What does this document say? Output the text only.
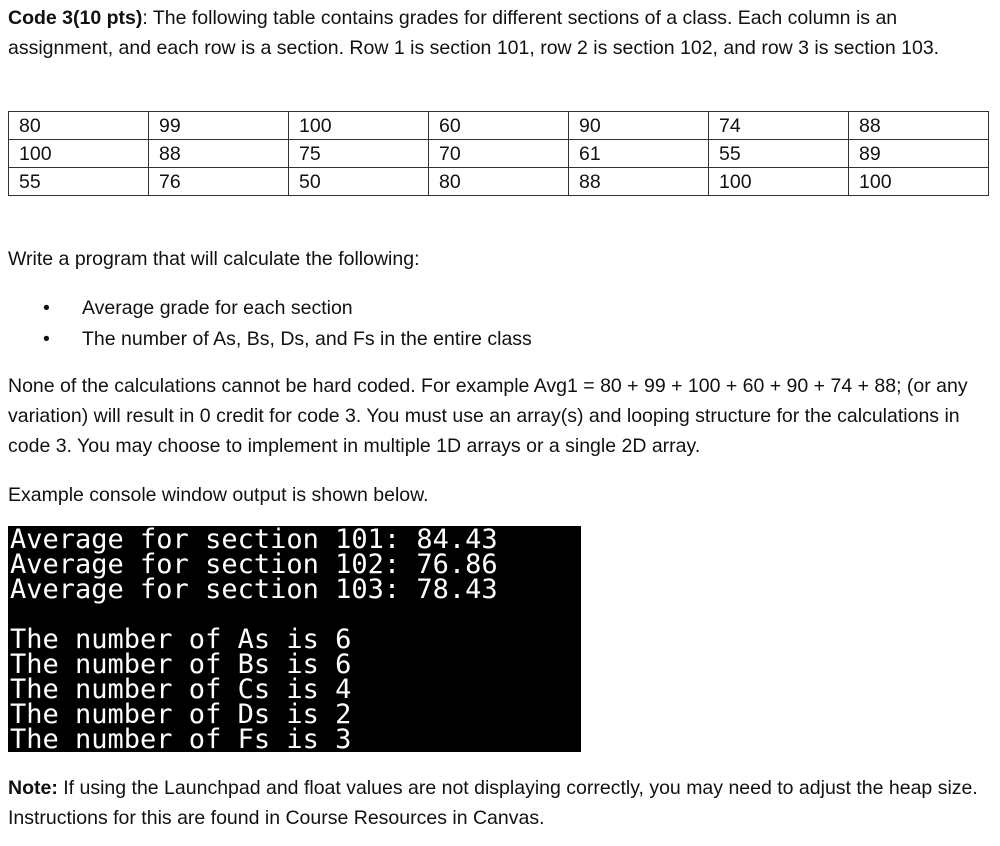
Code 3(10 pts): The following table contains grades for different sections of a class. Each column is an assignment, and each row is a section. Row 1 is section 101, row 2 is section 102, and row 3 is section 103.

80	99	100	60	90	74	88
100	88	75	70	61	55	89
55	76	50	80	88	100	100

Write a program that will calculate the following:

• Average grade for each section
• The number of As, Bs, Ds, and Fs in the entire class

None of the calculations cannot be hard coded. For example Avg1 = 80 + 99 + 100 + 60 + 90 + 74 + 88; (or any variation) will result in 0 credit for code 3. You must use an array(s) and looping structure for the calculations in code 3. You may choose to implement in multiple 1D arrays or a single 2D array.

Example console window output is shown below.

Average for section 101: 84.43
Average for section 102: 76.86
Average for section 103: 78.43
The number of As is 6
The number of Bs is 6
The number of Cs is 4
The number of Ds is 2
The number of Fs is 3

Note: If using the Launchpad and float values are not displaying correctly, you may need to adjust the heap size. Instructions for this are found in Course Resources in Canvas.
